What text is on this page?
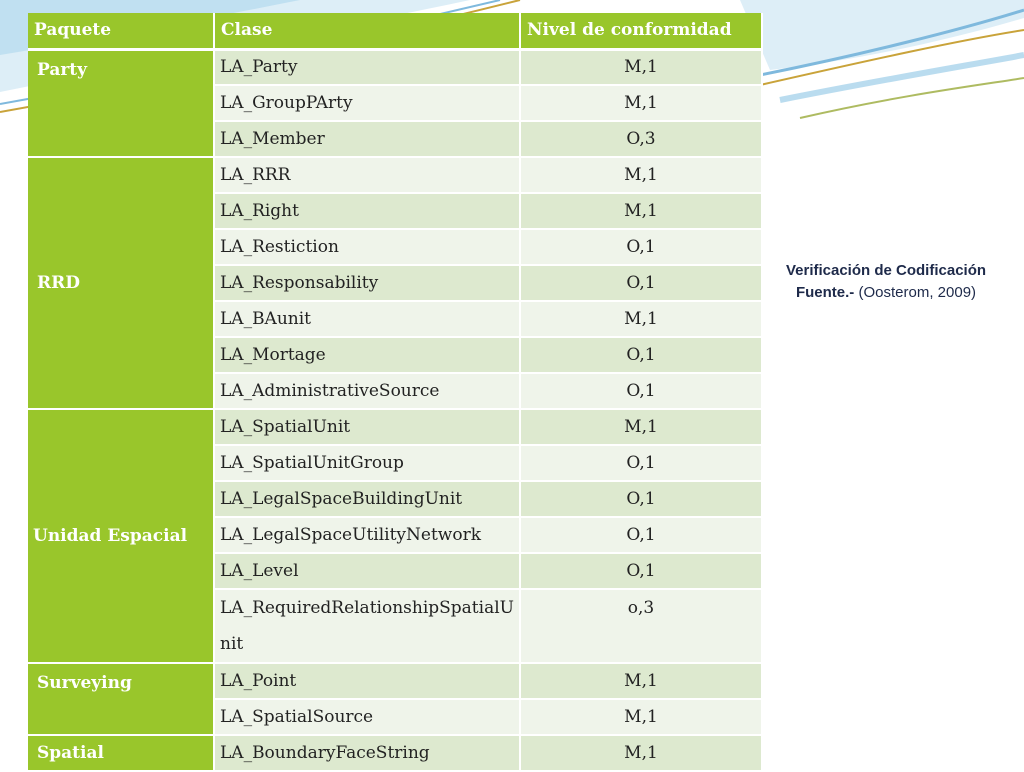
Paquete	Clase	Nivel de conformidad
Party	LA_Party	M,1
	LA_GroupPArty	M,1
	LA_Member	O,3
RRD	LA_RRR	M,1
	LA_Right	M,1
	LA_Restiction	O,1
	LA_Responsability	O,1
	LA_BAunit	M,1
	LA_Mortage	O,1
	LA_AdministrativeSource	O,1
Unidad Espacial	LA_SpatialUnit	M,1
	LA_SpatialUnitGroup	O,1
	LA_LegalSpaceBuildingUnit	O,1
	LA_LegalSpaceUtilityNetwork	O,1
	LA_Level	O,1
	LA_RequiredRelationshipSpatialUnit	o,3
Surveying	LA_Point	M,1
	LA_SpatialSource	M,1
Spatial	LA_BoundaryFaceString	M,1
Verificación de Codificación
Fuente.- (Oosterom, 2009)
